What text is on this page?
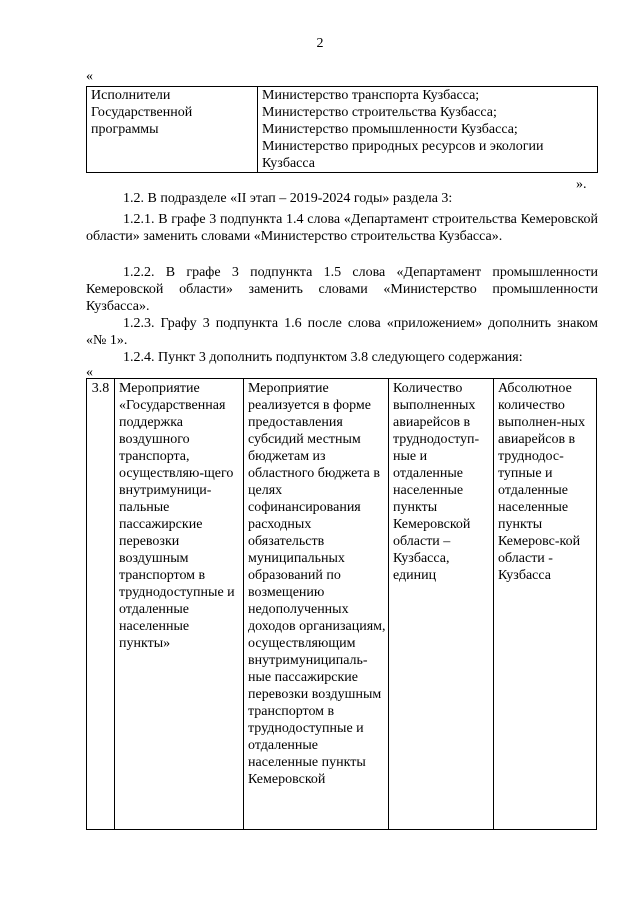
2
«
Исполнители Государственной программы	Министерство транспорта Кузбасса;
Министерство строительства Кузбасса;
Министерство промышленности Кузбасса;
Министерство природных ресурсов и экологии Кузбасса
».
1.2. В подразделе «II этап – 2019-2024 годы» раздела 3:
1.2.1. В графе 3 подпункта 1.4 слова «Департамент строительства Кемеровской области» заменить словами «Министерство строительства Кузбасса».
1.2.2. В графе 3 подпункта 1.5 слова «Департамент промышленности Кемеровской области» заменить словами «Министерство промышленности Кузбасса».
1.2.3. Графу 3 подпункта 1.6 после слова «приложением» дополнить знаком «№ 1».
1.2.4. Пункт 3 дополнить подпунктом 3.8 следующего содержания:
«
3.8	Мероприятие «Государственная поддержка воздушного транспорта, осуществляю-щего внутримуници-пальные пассажирские перевозки воздушным транспортом в труднодоступные и отдаленные населенные пункты»	Мероприятие реализуется в форме предоставления субсидий местным бюджетам из областного бюджета в целях софинансирования расходных обязательств муниципальных образований по возмещению недополученных доходов организациям, осуществляющим внутримуниципаль-ные пассажирские перевозки воздушным транспортом в труднодоступные и отдаленные населенные пункты Кемеровской	Количество выполненных авиарейсов в труднодоступ-ные и отдаленные населенные пункты Кемеровской области – Кузбасса, единиц	Абсолютное количество выполнен-ных авиарейсов в труднодос-тупные и отдаленные населенные пункты Кемеровс-кой области - Кузбасса
